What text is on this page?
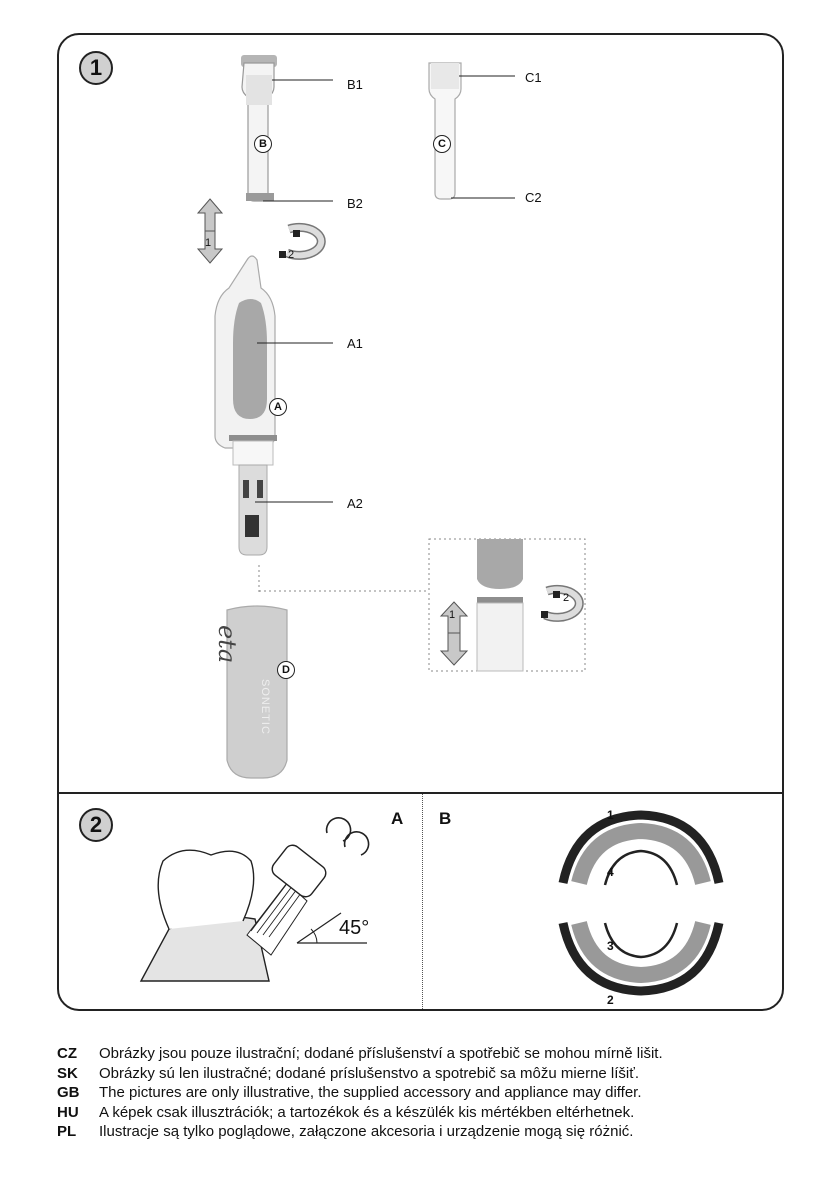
1
B1
B2
C1
C2
A1
A2
B	C
A
D
1
2
1
2
eta
SONETIC
2	A B
45°
1
2
3
4
CZ	Obrázky jsou pouze ilustrační; dodané příslušenství a spotřebič se mohou mírně lišit.
SK	Obrázky sú len ilustračné; dodané príslušenstvo a spotrebič sa môžu mierne líšiť.
GB	The pictures are only illustrative, the supplied accessory and appliance may differ.
HU	A képek csak illusztrációk; a tartozékok és a készülék kis mértékben eltérhetnek.
PL	Ilustracje są tylko poglądowe, załączone akcesoria i urządzenie mogą się różnić.
